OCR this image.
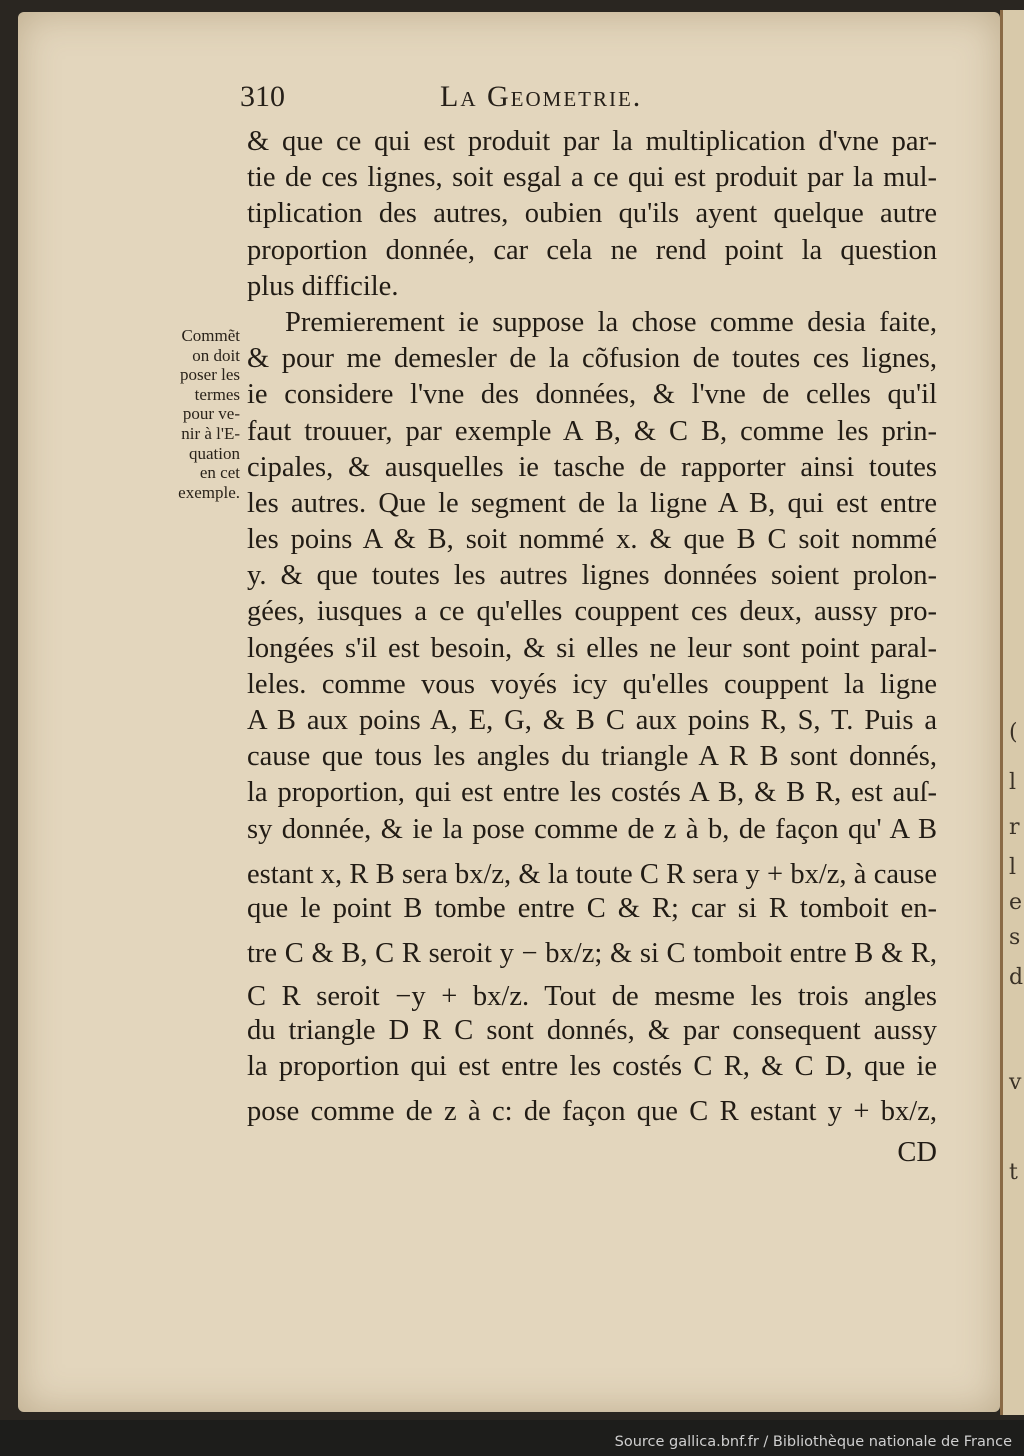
(
l
r
l
e
s
d
v
t
310	La Geometrie.
Commẽt
on doit
poser les
termes
pour ve-
nir à l'E-
quation
en cet
exemple.
& que ce qui est produit par la multiplication d'vne par-
tie de ces lignes, soit esgal a ce qui est produit par la mul-
tiplication des autres, oubien qu'ils ayent quelque autre
proportion donnée, car cela ne rend point la question
plus difficile.
Premierement ie suppose la chose comme desia faite,
& pour me demesler de la cõfusion de toutes ces lignes,
ie considere l'vne des données, & l'vne de celles qu'il
faut trouuer, par exemple A B, & C B, comme les prin-
cipales, & ausquelles ie tasche de rapporter ainsi toutes
les autres. Que le segment de la ligne A B, qui est entre
les poins A & B, soit nommé x. & que B C soit nommé
y. & que toutes les autres lignes données soient prolon-
gées, iusques a ce qu'elles couppent ces deux, aussy pro-
longées s'il est besoin, & si elles ne leur sont point paral-
leles. comme vous voyés icy qu'elles couppent la ligne
A B aux poins A, E, G, & B C aux poins R, S, T. Puis a
cause que tous les angles du triangle A R B sont donnés,
la proportion, qui est entre les costés A B, & B R, est auſ-
sy donnée, & ie la pose comme de z à b, de façon qu' A B
estant x, R B sera bx/z, & la toute C R sera y + bx/z, à cause
que le point B tombe entre C & R; car si R tomboit en-
tre C & B, C R seroit y − bx/z; & si C tomboit entre B & R,
C R seroit −y + bx/z. Tout de mesme les trois angles
du triangle D R C sont donnés, & par consequent aussy
la proportion qui est entre les costés C R, & C D, que ie
pose comme de z à c: de façon que C R estant y + bx/z,
CD
Source gallica.bnf.fr / Bibliothèque nationale de France
